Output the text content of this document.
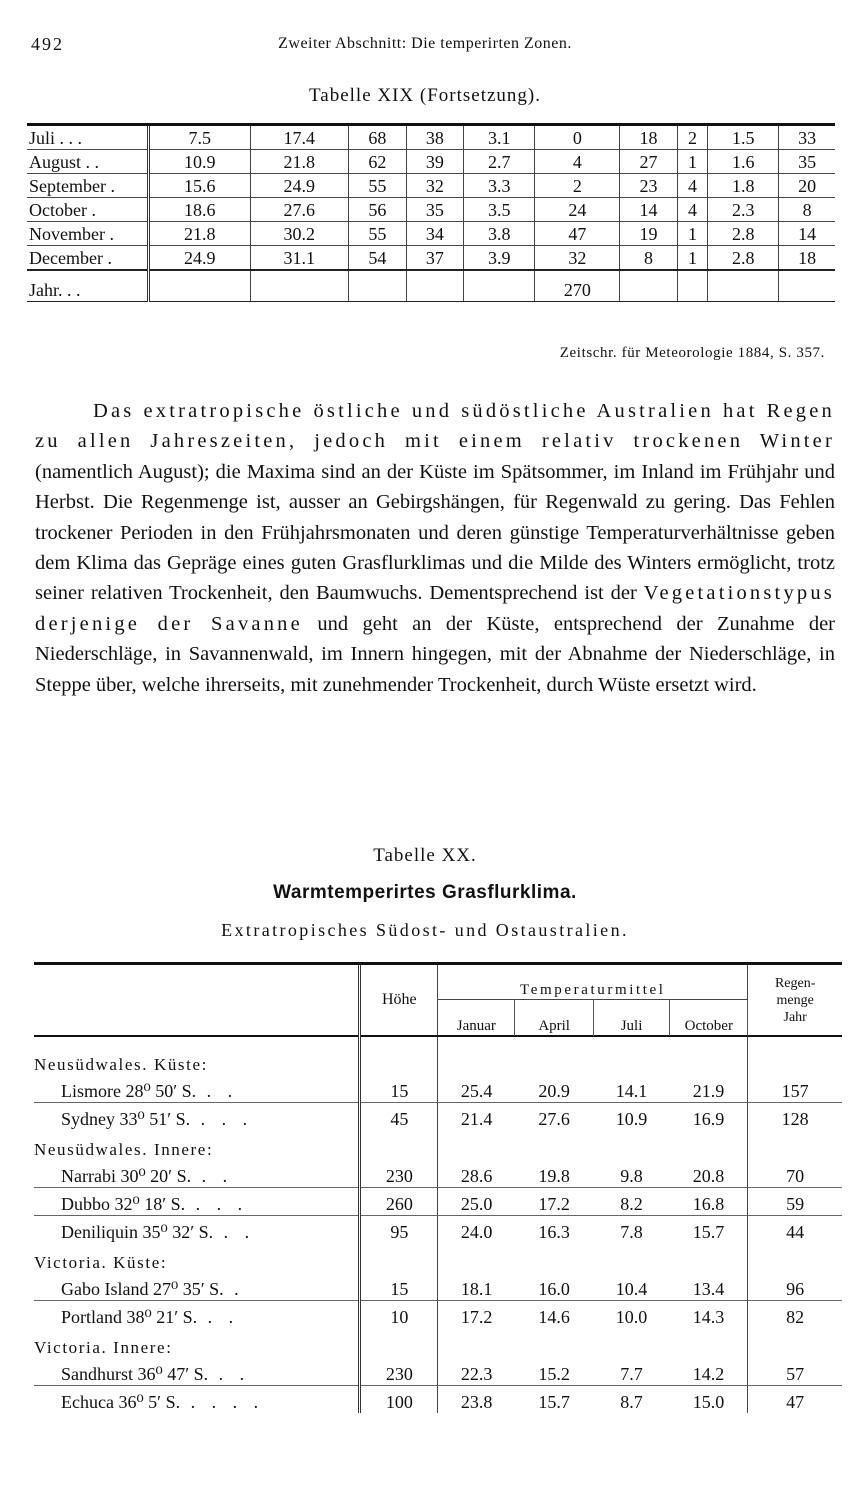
492	Zweiter Abschnitt: Die temperirten Zonen.
Tabelle XIX (Fortsetzung).
Juli . . .	7.5	17.4	68	38	3.1	0	18	2	1.5	33
August . .	10.9	21.8	62	39	2.7	4	27	1	1.6	35
September .	15.6	24.9	55	32	3.3	2	23	4	1.8	20
October .	18.6	27.6	56	35	3.5	24	14	4	2.3	8
November .	21.8	30.2	55	34	3.8	47	19	1	2.8	14
December .	24.9	31.1	54	37	3.9	32	8	1	2.8	18
Jahr. . .						270				
Zeitschr. für Meteorologie 1884, S. 357.

Das extratropische östliche und südöstliche Australien hat Regen zu allen Jahreszeiten, jedoch mit einem relativ trockenen Winter (namentlich August); die Maxima sind an der Küste im Spätsommer, im Inland im Frühjahr und Herbst. Die Regenmenge ist, ausser an Gebirgshängen, für Regenwald zu gering. Das Fehlen trockener Perioden in den Frühjahrsmonaten und deren günstige Temperaturverhältnisse geben dem Klima das Gepräge eines guten Grasflurklimas und die Milde des Winters ermöglicht, trotz seiner relativen Trockenheit, den Baumwuchs. Dementsprechend ist der Vegetationstypus derjenige der Savanne und geht an der Küste, entsprechend der Zunahme der Niederschläge, in Savannenwald, im Innern hingegen, mit der Abnahme der Niederschläge, in Steppe über, welche ihrerseits, mit zunehmender Trockenheit, durch Wüste ersetzt wird.

Tabelle XX.
Warmtemperirtes Grasflurklima.
Extratropisches Südost- und Ostaustralien.
	Höhe	Temperaturmittel				Regen-
menge
Jahr

		Januar	April	Juli	October	

Neusüdwales. Küste:						
Lismore 28⁰ 50′ S. . .	15	25.4	20.9	14.1	21.9	157
Sydney 33⁰ 51′ S. . . .	45	21.4	27.6	10.9	16.9	128
Neusüdwales. Innere:						
Narrabi 30⁰ 20′ S. . .	230	28.6	19.8	9.8	20.8	70
Dubbo 32⁰ 18′ S. . . .	260	25.0	17.2	8.2	16.8	59
Deniliquin 35⁰ 32′ S. . .	95	24.0	16.3	7.8	15.7	44
Victoria. Küste:						
Gabo Island 27⁰ 35′ S. .	15	18.1	16.0	10.4	13.4	96
Portland 38⁰ 21′ S. . .	10	17.2	14.6	10.0	14.3	82
Victoria. Innere:						
Sandhurst 36⁰ 47′ S. . .	230	22.3	15.2	7.7	14.2	57
Echuca 36⁰ 5′ S. . . . .	100	23.8	15.7	8.7	15.0	47
